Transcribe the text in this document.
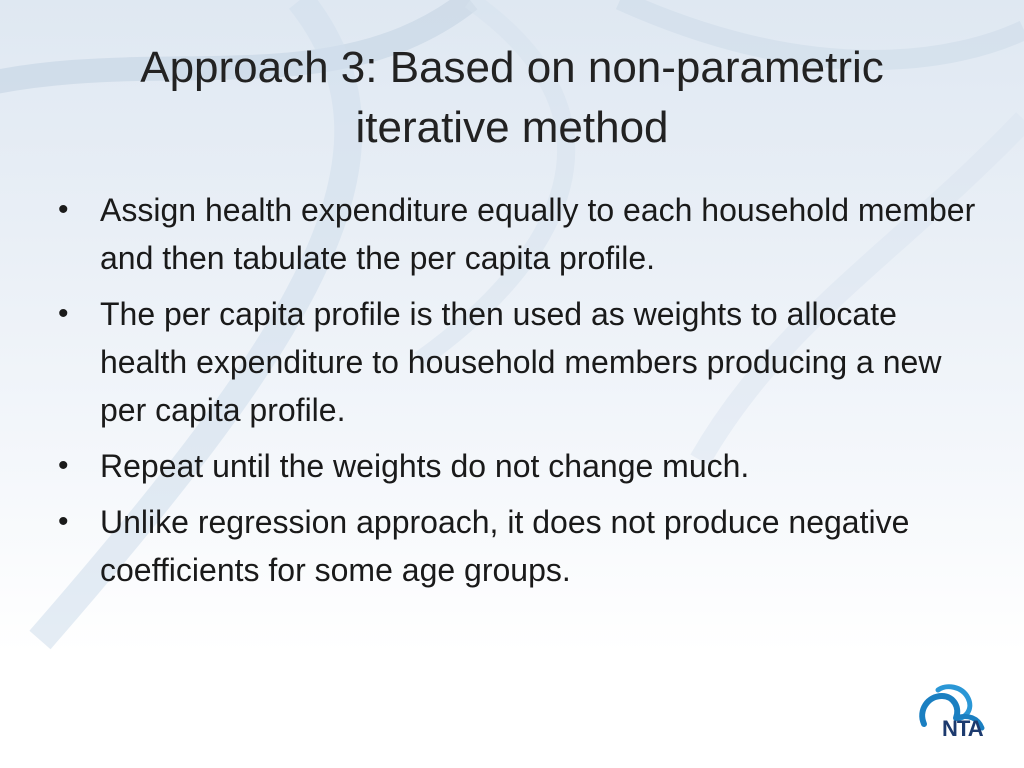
Approach 3: Based on non-parametric
iterative method
• Assign health expenditure equally to each household member and then tabulate the per capita profile.
• The per capita profile is then used as weights to allocate health expenditure to household members producing a new per capita profile.
• Repeat until the weights do not change much.
• Unlike regression approach, it does not produce negative coefficients for some age groups.
NTA
